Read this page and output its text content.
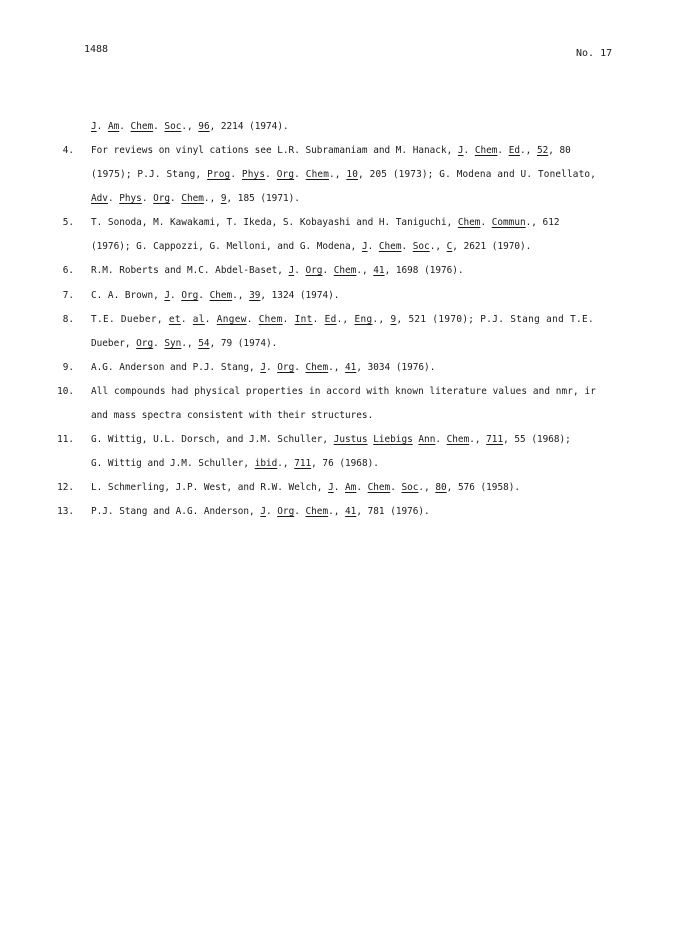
1488	No. 17
J. Am. Chem. Soc., 96, 2214 (1974).
4. For reviews on vinyl cations see L.R. Subramaniam and M. Hanack, J. Chem. Ed., 52, 80
(1975); P.J. Stang, Prog. Phys. Org. Chem., 10, 205 (1973); G. Modena and U. Tonellato,
Adv. Phys. Org. Chem., 9, 185 (1971).
5. T. Sonoda, M. Kawakami, T. Ikeda, S. Kobayashi and H. Taniguchi, Chem. Commun., 612
(1976); G. Cappozzi, G. Melloni, and G. Modena, J. Chem. Soc., C, 2621 (1970).
6. R.M. Roberts and M.C. Abdel-Baset, J. Org. Chem., 41, 1698 (1976).
7. C. A. Brown, J. Org. Chem., 39, 1324 (1974).
8. T.E. Dueber, et. al. Angew. Chem. Int. Ed., Eng., 9, 521 (1970); P.J. Stang and T.E.
Dueber, Org. Syn., 54, 79 (1974).
9. A.G. Anderson and P.J. Stang, J. Org. Chem., 41, 3034 (1976).
10. All compounds had physical properties in accord with known literature values and nmr, ir
and mass spectra consistent with their structures.
11. G. Wittig, U.L. Dorsch, and J.M. Schuller, Justus Liebigs Ann. Chem., 711, 55 (1968);
G. Wittig and J.M. Schuller, ibid., 711, 76 (1968).
12. L. Schmerling, J.P. West, and R.W. Welch, J. Am. Chem. Soc., 80, 576 (1958).
13. P.J. Stang and A.G. Anderson, J. Org. Chem., 41, 781 (1976).
